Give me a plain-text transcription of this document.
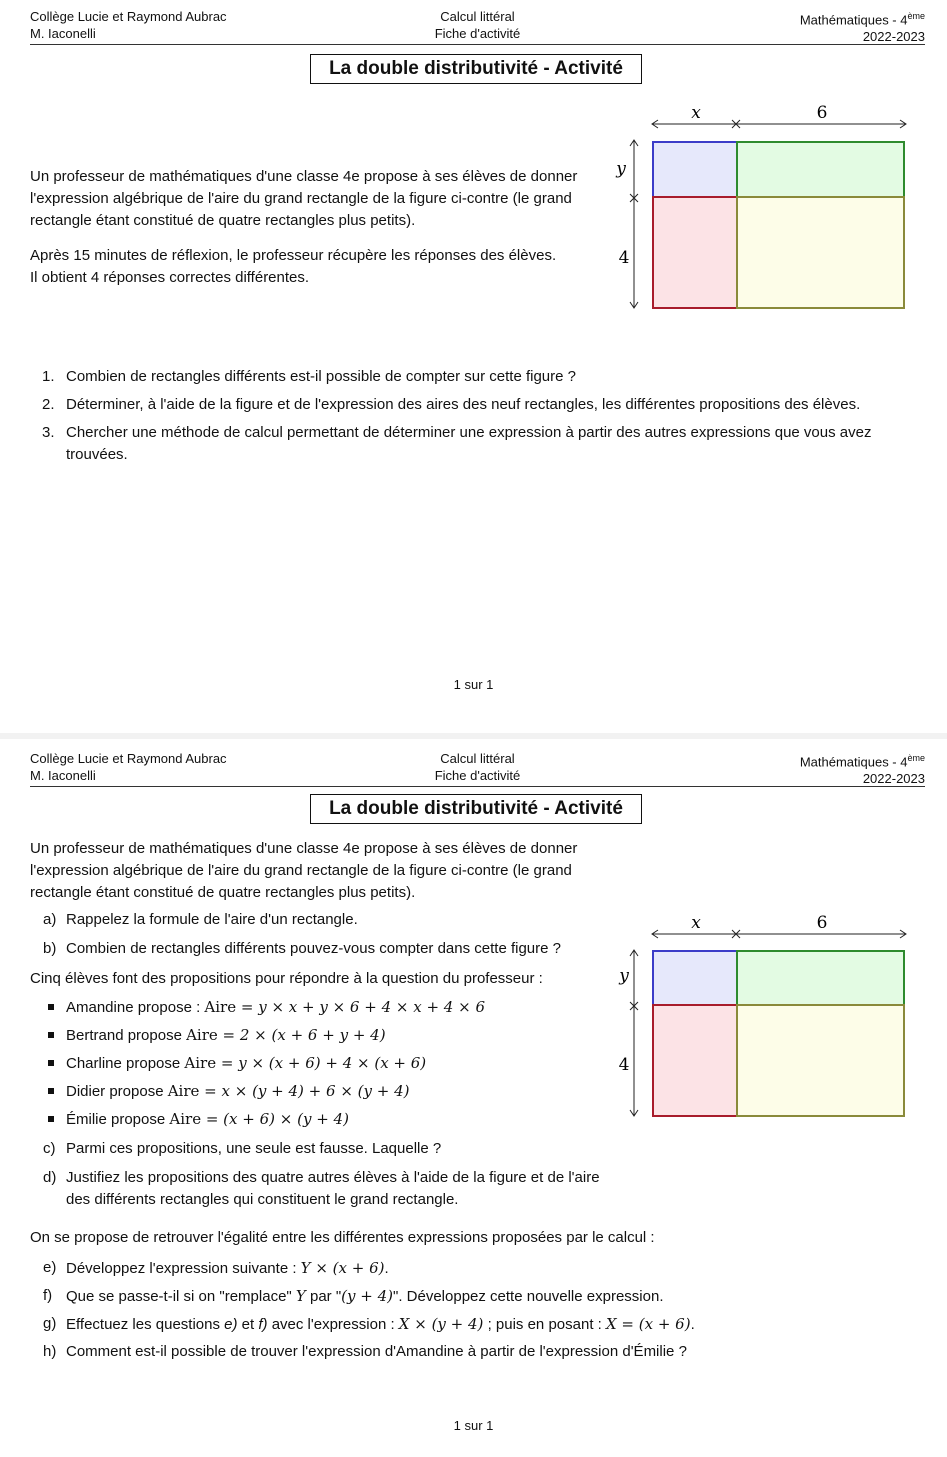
Collège Lucie et Raymond Aubrac
M. Iaconelli
Calcul littéral
Fiche d'activité
Mathématiques - 4ème
2022-2023
La double distributivité - Activité
Un professeur de mathématiques d'une classe 4e propose à ses élèves de donner l'expression algébrique de l'aire du grand rectangle de la figure ci-contre (le grand rectangle étant constitué de quatre rectangles plus petits).
Après 15 minutes de réflexion, le professeur récupère les réponses des élèves.
Il obtient 4 réponses correctes différentes.
x	6
y
4
1. Combien de rectangles différents est-il possible de compter sur cette figure ?
2. Déterminer, à l'aide de la figure et de l'expression des aires des neuf rectangles, les différentes propositions des élèves.
3. Chercher une méthode de calcul permettant de déterminer une expression à partir des autres expressions que vous avez trouvées.
1 sur 1
Collège Lucie et Raymond Aubrac
M. Iaconelli
Calcul littéral
Fiche d'activité
Mathématiques - 4ème
2022-2023
La double distributivité - Activité
Un professeur de mathématiques d'une classe 4e propose à ses élèves de donner l'expression algébrique de l'aire du grand rectangle de la figure ci-contre (le grand rectangle étant constitué de quatre rectangles plus petits).
a) Rappelez la formule de l'aire d'un rectangle.
b) Combien de rectangles différents pouvez-vous compter dans cette figure ?
Cinq élèves font des propositions pour répondre à la question du professeur :
Amandine propose : Aire = y × x + y × 6 + 4 × x + 4 × 6
Bertrand propose Aire = 2 × (x + 6 + y + 4)
Charline propose Aire = y × (x + 6) + 4 × (x + 6)
Didier propose Aire = x × (y + 4) + 6 × (y + 4)
Émilie propose Aire = (x + 6) × (y + 4)
c) Parmi ces propositions, une seule est fausse. Laquelle ?
d) Justifiez les propositions des quatre autres élèves à l'aide de la figure et de l'aire des différents rectangles qui constituent le grand rectangle.
x	6
y
4
On se propose de retrouver l'égalité entre les différentes expressions proposées par le calcul :
e) Développez l'expression suivante : Y × (x + 6).
f) Que se passe-t-il si on "remplace" Y par "(y + 4)". Développez cette nouvelle expression.
g) Effectuez les questions e) et f) avec l'expression : X × (y + 4) ; puis en posant : X = (x + 6).
h) Comment est-il possible de trouver l'expression d'Amandine à partir de l'expression d'Émilie ?
1 sur 1
